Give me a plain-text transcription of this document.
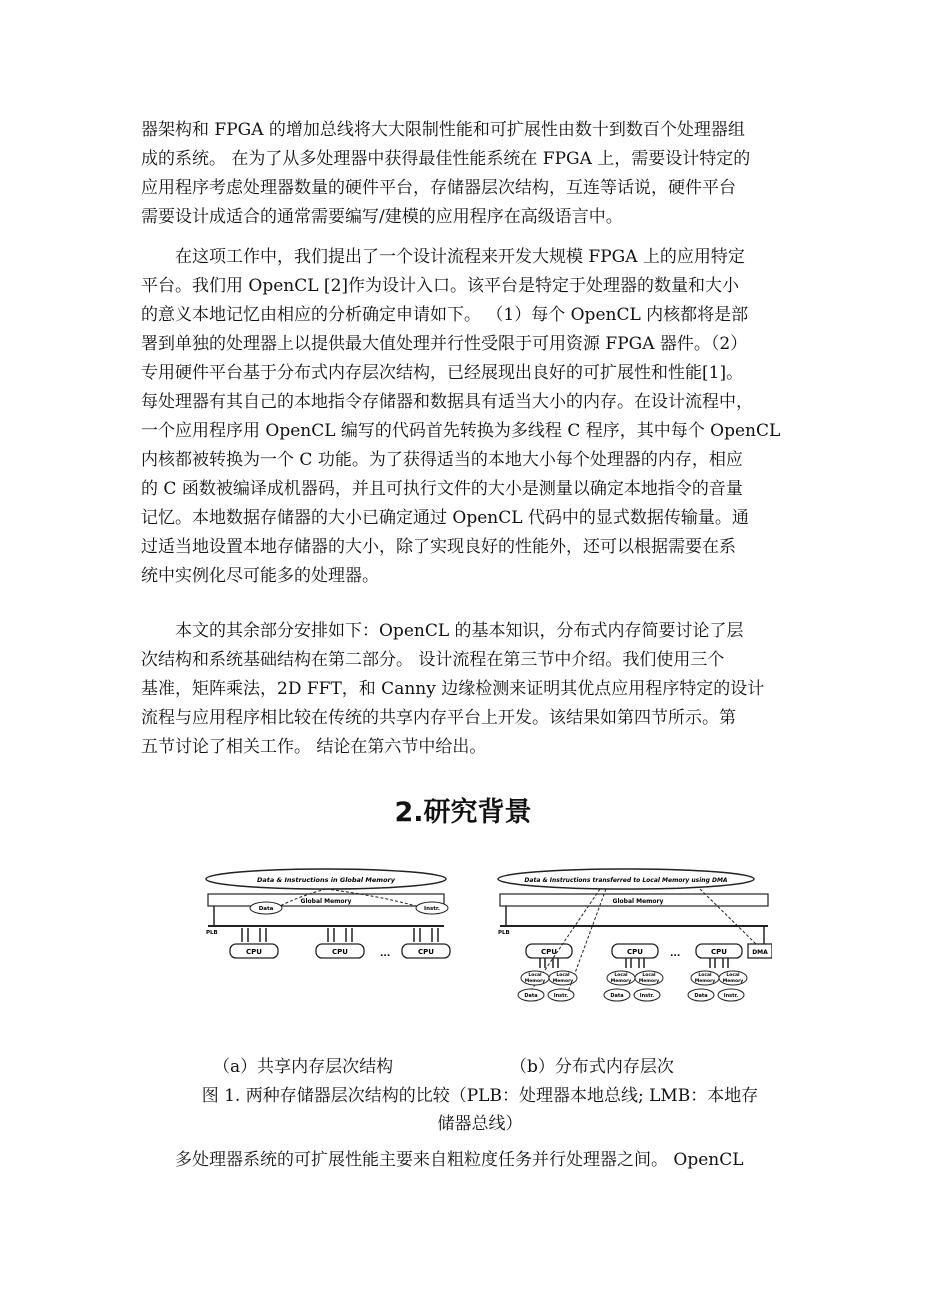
器架构和 FPGA 的增加总线将大大限制性能和可扩展性由数十到数百个处理器组
成的系统。 在为了从多处理器中获得最佳性能系统在 FPGA 上，需要设计特定的
应用程序考虑处理器数量的硬件平台，存储器层次结构，互连等话说，硬件平台
需要设计成适合的通常需要编写/建模的应用程序在高级语言中。
在这项工作中，我们提出了一个设计流程来开发大规模 FPGA 上的应用特定
平台。我们用 OpenCL [2]作为设计入口。该平台是特定于处理器的数量和大小
的意义本地记忆由相应的分析确定申请如下。 （1）每个 OpenCL 内核都将是部
署到单独的处理器上以提供最大值处理并行性受限于可用资源 FPGA 器件。（2）
专用硬件平台基于分布式内存层次结构，已经展现出良好的可扩展性和性能[1]。
每处理器有其自己的本地指令存储器和数据具有适当大小的内存。在设计流程中，
一个应用程序用 OpenCL 编写的代码首先转换为多线程 C 程序，其中每个 OpenCL
内核都被转换为一个 C 功能。为了获得适当的本地大小每个处理器的内存，相应
的 C 函数被编译成机器码，并且可执行文件的大小是测量以确定本地指令的音量
记忆。本地数据存储器的大小已确定通过 OpenCL 代码中的显式数据传输量。通
过适当地设置本地存储器的大小，除了实现良好的性能外，还可以根据需要在系
统中实例化尽可能多的处理器。
本文的其余部分安排如下：OpenCL 的基本知识，分布式内存简要讨论了层
次结构和系统基础结构在第二部分。 设计流程在第三节中介绍。我们使用三个
基准，矩阵乘法，2D FFT，和 Canny 边缘检测来证明其优点应用程序特定的设计
流程与应用程序相比较在传统的共享内存平台上开发。该结果如第四节所示。第
五节讨论了相关工作。 结论在第六节中给出。
2.研究背景
Data & Instructions in Global Memory
Global Memory
Data	Instr.
PLB
CPU	CPU	...	CPU
Data & Instructions transferred to Local Memory using DMA
Global Memory
PLB
CPU
Local
Memory
Local
Memory
Data	Instr.
CPU
Local
Memory
Local
Memory
Data	Instr.
...	CPU
Local
Memory
Local
Memory
Data	Instr.
DMA
（a）共享内存层次结构	（b）分布式内存层次
图 1. 两种存储器层次结构的比较（PLB：处理器本地总线; LMB：本地存
储器总线）
多处理器系统的可扩展性能主要来自粗粒度任务并行处理器之间。 OpenCL
